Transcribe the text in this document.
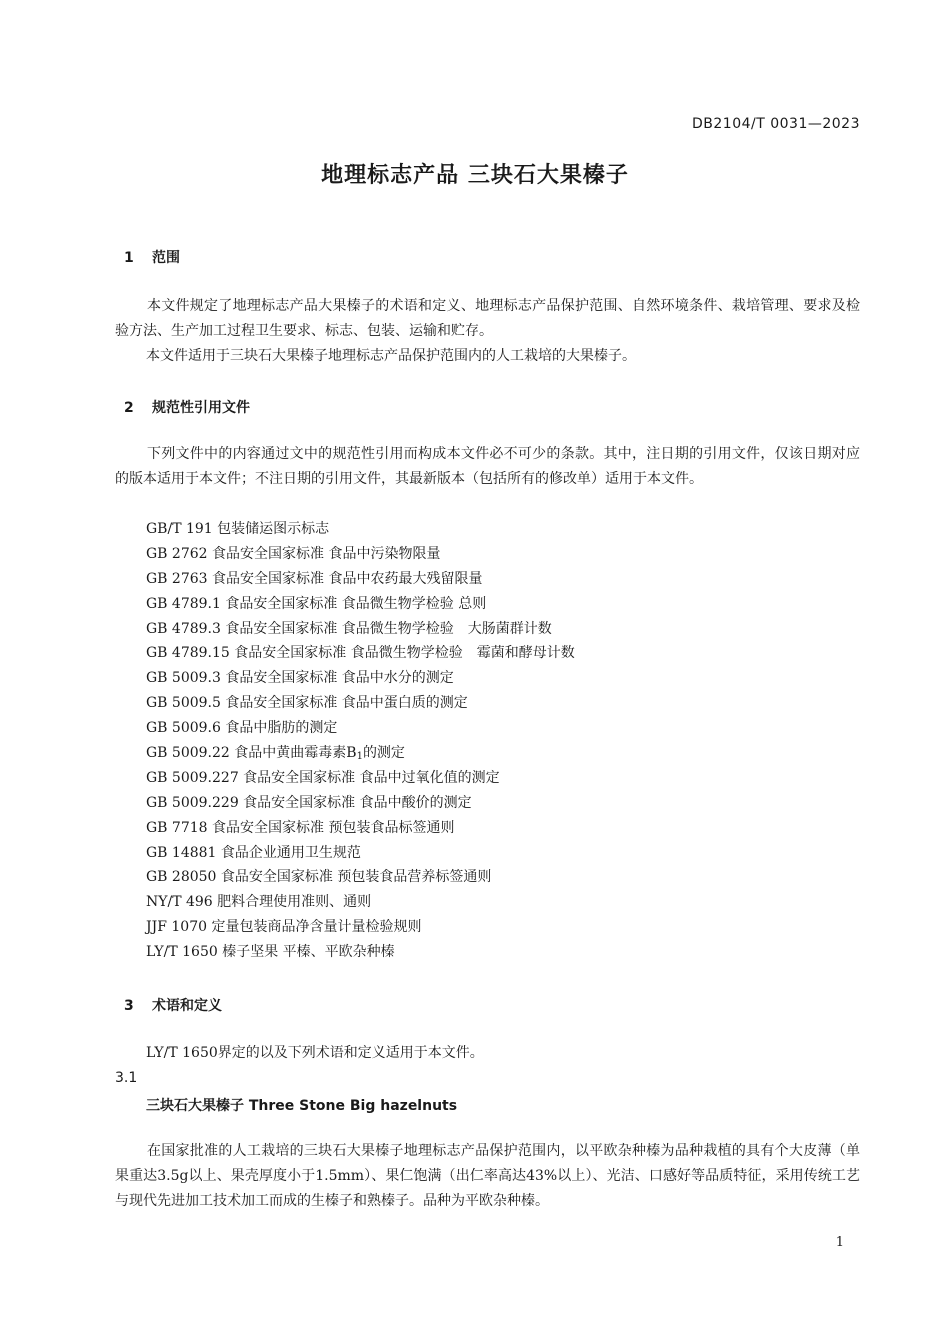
DB2104/T 0031—2023
地理标志产品 三块石大果榛子
1 范围
本文件规定了地理标志产品大果榛子的术语和定义、地理标志产品保护范围、自然环境条件、栽培管理、要求及检验方法、生产加工过程卫生要求、标志、包装、运输和贮存。
本文件适用于三块石大果榛子地理标志产品保护范围内的人工栽培的大果榛子。
2 规范性引用文件
下列文件中的内容通过文中的规范性引用而构成本文件必不可少的条款。其中，注日期的引用文件，仅该日期对应的版本适用于本文件；不注日期的引用文件，其最新版本（包括所有的修改单）适用于本文件。
GB/T 191 包装储运图示标志
GB 2762 食品安全国家标准 食品中污染物限量
GB 2763 食品安全国家标准 食品中农药最大残留限量
GB 4789.1 食品安全国家标准 食品微生物学检验 总则
GB 4789.3 食品安全国家标准 食品微生物学检验　大肠菌群计数
GB 4789.15 食品安全国家标准 食品微生物学检验　霉菌和酵母计数
GB 5009.3 食品安全国家标准 食品中水分的测定
GB 5009.5 食品安全国家标准 食品中蛋白质的测定
GB 5009.6 食品中脂肪的测定
GB 5009.22 食品中黄曲霉毒素$B_1$的测定
GB 5009.227 食品安全国家标准 食品中过氧化值的测定
GB 5009.229 食品安全国家标准 食品中酸价的测定
GB 7718 食品安全国家标准 预包装食品标签通则
GB 14881 食品企业通用卫生规范
GB 28050 食品安全国家标准 预包装食品营养标签通则
NY/T 496 肥料合理使用准则、通则
JJF 1070 定量包装商品净含量计量检验规则
LY/T 1650 榛子坚果 平榛、平欧杂种榛
3 术语和定义
LY/T 1650界定的以及下列术语和定义适用于本文件。
3.1
三块石大果榛子 Three Stone Big hazelnuts
在国家批准的人工栽培的三块石大果榛子地理标志产品保护范围内，以平欧杂种榛为品种栽植的具有个大皮薄（单果重达3.5g以上、果壳厚度小于1.5mm）、果仁饱满（出仁率高达43%以上）、光洁、口感好等品质特征，采用传统工艺与现代先进加工技术加工而成的生榛子和熟榛子。品种为平欧杂种榛。
1
